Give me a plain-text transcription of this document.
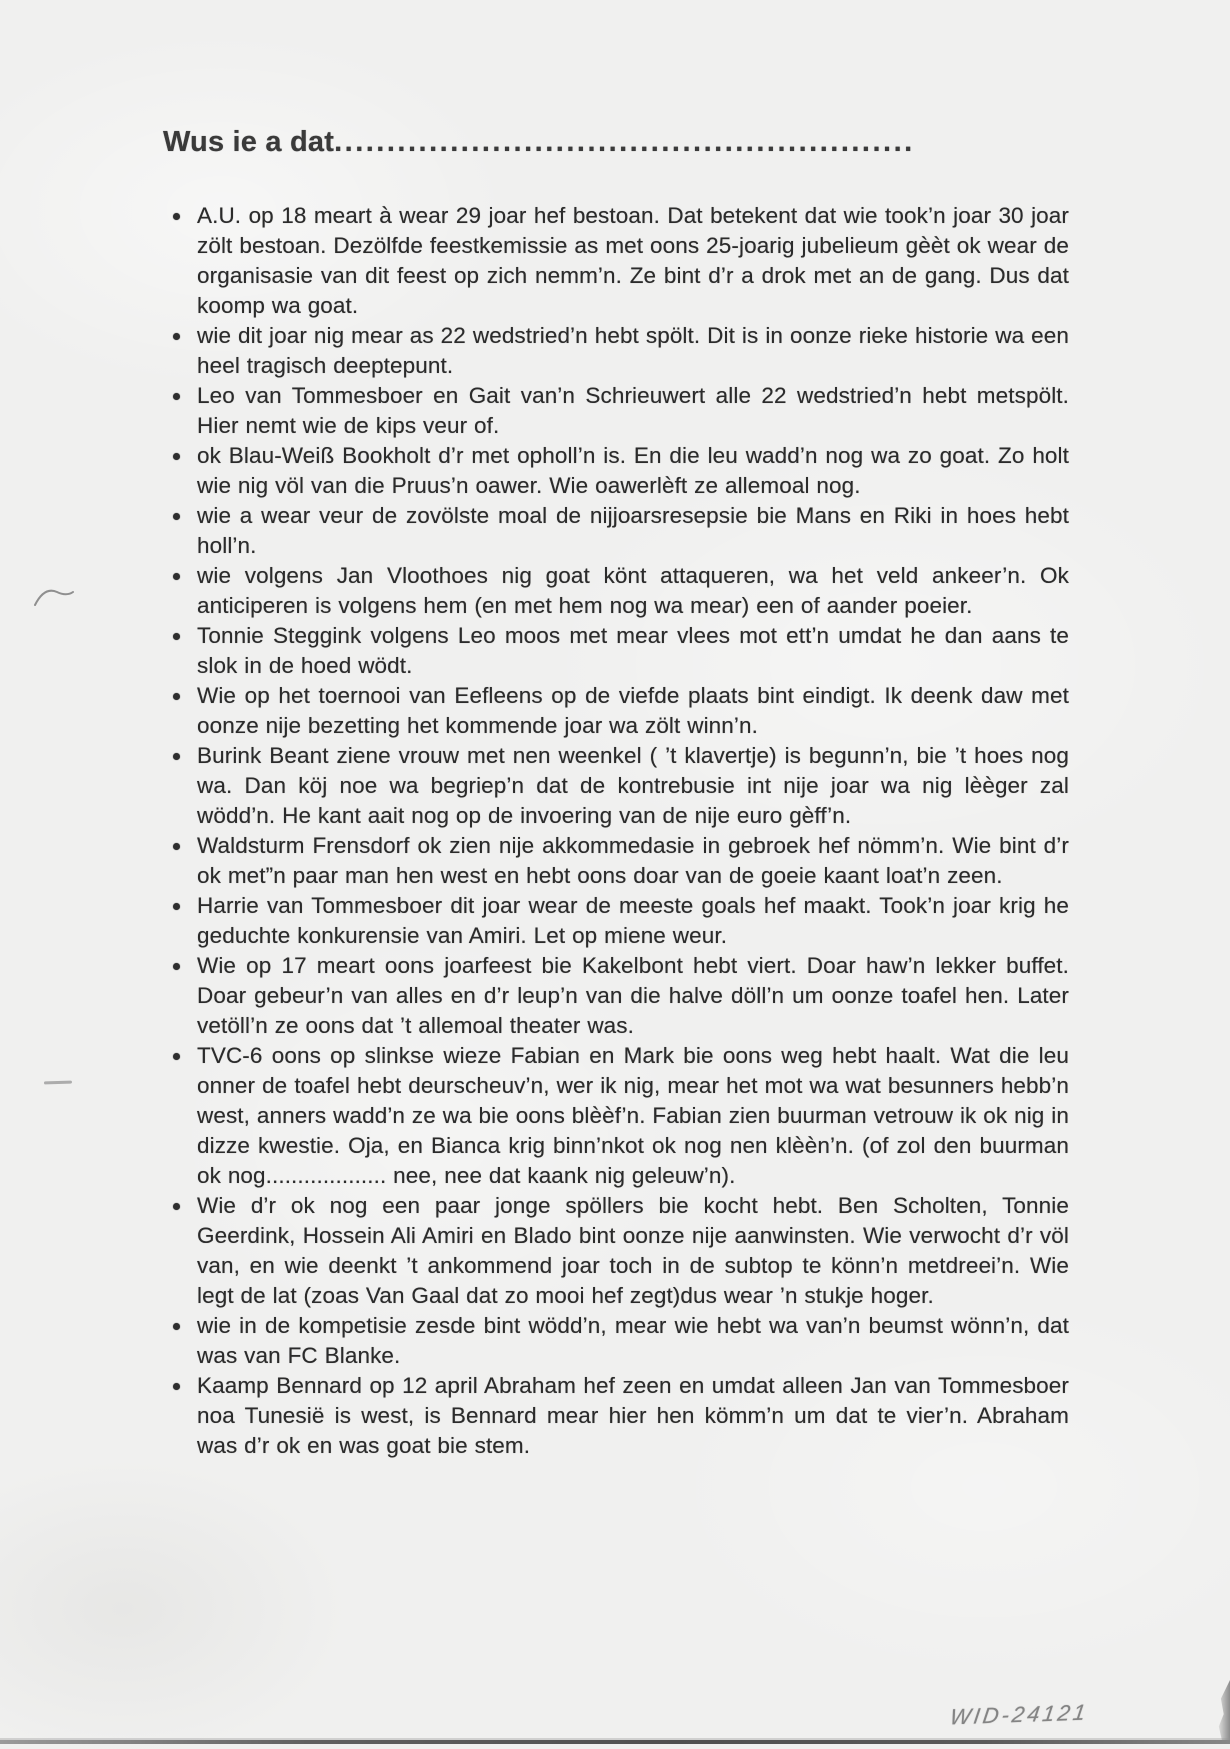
Wus ie a dat.......................................................
A.U. op 18 meart à wear 29 joar hef bestoan. Dat betekent dat wie took’n joar 30 joar zölt bestoan. Dezölfde feestkemissie as met oons 25-joarig jubelieum gèèt ok wear de organisasie van dit feest op zich nemm’n. Ze bint d’r a drok met an de gang. Dus dat koomp wa goat.
wie dit joar nig mear as 22 wedstried’n hebt spölt. Dit is in oonze rieke historie wa een heel tragisch deeptepunt.
Leo van Tommesboer en Gait van’n Schrieuwert alle 22 wedstried’n hebt metspölt. Hier nemt wie de kips veur of.
ok Blau-Weiß Bookholt d’r met opholl’n is. En die leu wadd’n nog wa zo goat. Zo holt wie nig völ van die Pruus’n oawer. Wie oawerlèft ze allemoal nog.
wie a wear veur de zovölste moal de nijjoarsresepsie bie Mans en Riki in hoes hebt holl’n.
wie volgens Jan Vloothoes nig goat könt attaqueren, wa het veld ankeer’n. Ok anticiperen is volgens hem (en met hem nog wa mear) een of aander poeier.
Tonnie Steggink volgens Leo moos met mear vlees mot ett’n umdat he dan aans te slok in de hoed wödt.
Wie op het toernooi van Eefleens op de viefde plaats bint eindigt. Ik deenk daw met oonze nije bezetting het kommende joar wa zölt winn’n.
Burink Beant ziene vrouw met nen weenkel ( ’t klavertje) is begunn’n, bie ’t hoes nog wa. Dan köj noe wa begriep’n dat de kontrebusie int nije joar wa nig lèèger zal wödd’n. He kant aait nog op de invoering van de nije euro gèff’n.
Waldsturm Frensdorf ok zien nije akkommedasie in gebroek hef nömm’n. Wie bint d’r ok met”n paar man hen west en hebt oons doar van de goeie kaant loat’n zeen.
Harrie van Tommesboer dit joar wear de meeste goals hef maakt. Took’n joar krig he geduchte konkurensie van Amiri. Let op miene weur.
Wie op 17 meart oons joarfeest bie Kakelbont hebt viert. Doar haw’n lekker buffet. Doar gebeur’n van alles en d’r leup’n van die halve döll’n um oonze toafel hen. Later vetöll’n ze oons dat ’t allemoal theater was.
TVC-6 oons op slinkse wieze Fabian en Mark bie oons weg hebt haalt. Wat die leu onner de toafel hebt deurscheuv’n, wer ik nig, mear het mot wa wat besunners hebb’n west, anners wadd’n ze wa bie oons blèèf’n. Fabian zien buurman vetrouw ik ok nig in dizze kwestie. Oja, en Bianca krig binn’nkot ok nog nen klèèn’n. (of zol den buurman ok nog................... nee, nee dat kaank nig geleuw’n).
Wie d’r ok nog een paar jonge spöllers bie kocht hebt. Ben Scholten, Tonnie Geerdink, Hossein Ali Amiri en Blado bint oonze nije aanwinsten. Wie verwocht d’r völ van, en wie deenkt ’t ankommend joar toch in de subtop te könn’n metdreei’n. Wie legt de lat (zoas Van Gaal dat zo mooi hef zegt)dus wear ’n stukje hoger.
wie in de kompetisie zesde bint wödd’n, mear wie hebt wa van’n beumst wönn’n, dat was van FC Blanke.
Kaamp Bennard op 12 april Abraham hef zeen en umdat alleen Jan van Tommesboer noa Tunesië is west, is Bennard mear hier hen kömm’n um dat te vier’n. Abraham was d’r ok en was goat bie stem.
WID-24121
